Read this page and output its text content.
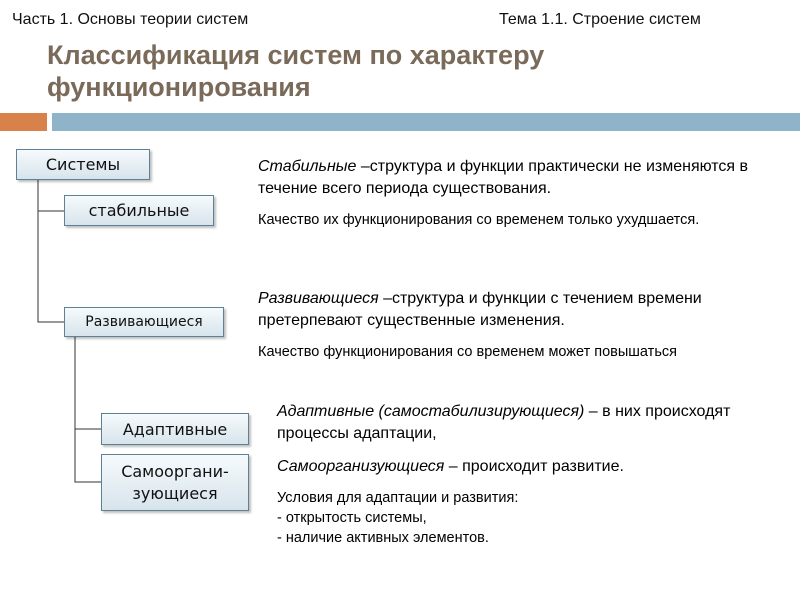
Часть 1. Основы теории систем	Тема 1.1. Строение систем
Классификация систем по характеру функционирования
Системы
стабильные
Развивающиеся
Адаптивные
Самооргани-
зующиеся
Стабильные –структура и функции практически не изменяются в течение всего периода существования.
Качество их функционирования со временем только ухудшается.
Развивающиеся –структура и функции с течением времени претерпевают существенные изменения.
Качество функционирования со временем может повышаться
Адаптивные (самостабилизирующиеся) – в них происходят процессы адаптации,
Самоорганизующиеся – происходит развитие.
Условия для адаптации и развития:
- открытость системы,
- наличие активных элементов.
